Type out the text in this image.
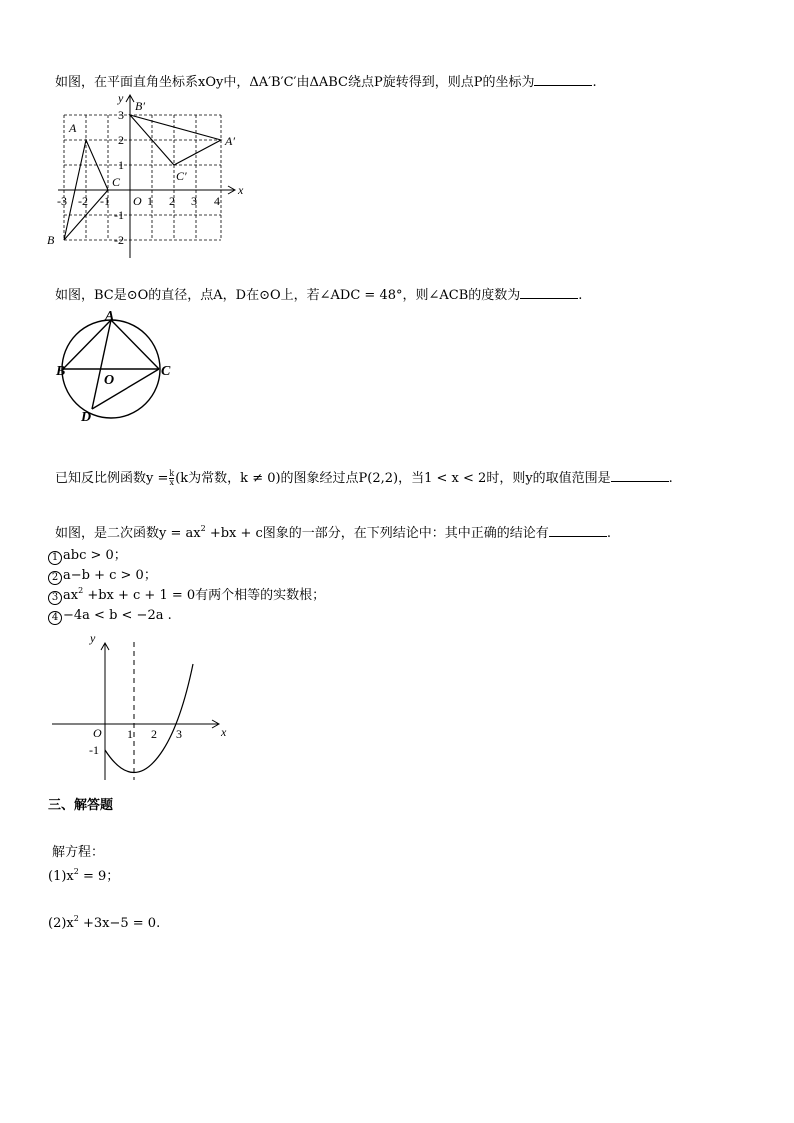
如图，在平面直角坐标系xOy中，ΔA′B′C′由ΔABC绕点P旋转得到，则点P的坐标为	.
x
y
O
-3 -2 -1	1 2 3 4
3
2
1
-1
-2
A
B
C
A′
B′
C′
如图，BC是⊙O的直径，点A，D在⊙O上，若∠ADC = 48°，则∠ACB的度数为	.
A
B	C
D
O
已知反比例函数$y = \frac{k}{x} (k$为常数，k ≠ 0)的图象经过点P(2,2)，当1 < x < 2时，则y的取值范围是	.
如图，是二次函数$y = ax^2 +bx + c$图象的一部分，在下列结论中：其中正确的结论有	.
1 abc > 0；
2 a−b + c > 0；
3 $ax^2 +bx + c + 1 = 0$有两个相等的实数根；
4 −4a < b < −2a .
x
y
O 1 2 3
-1
三、解答题
解方程：
$(1)x^2 = 9$；
$(2)x^2 +3x-5 = 0$.
